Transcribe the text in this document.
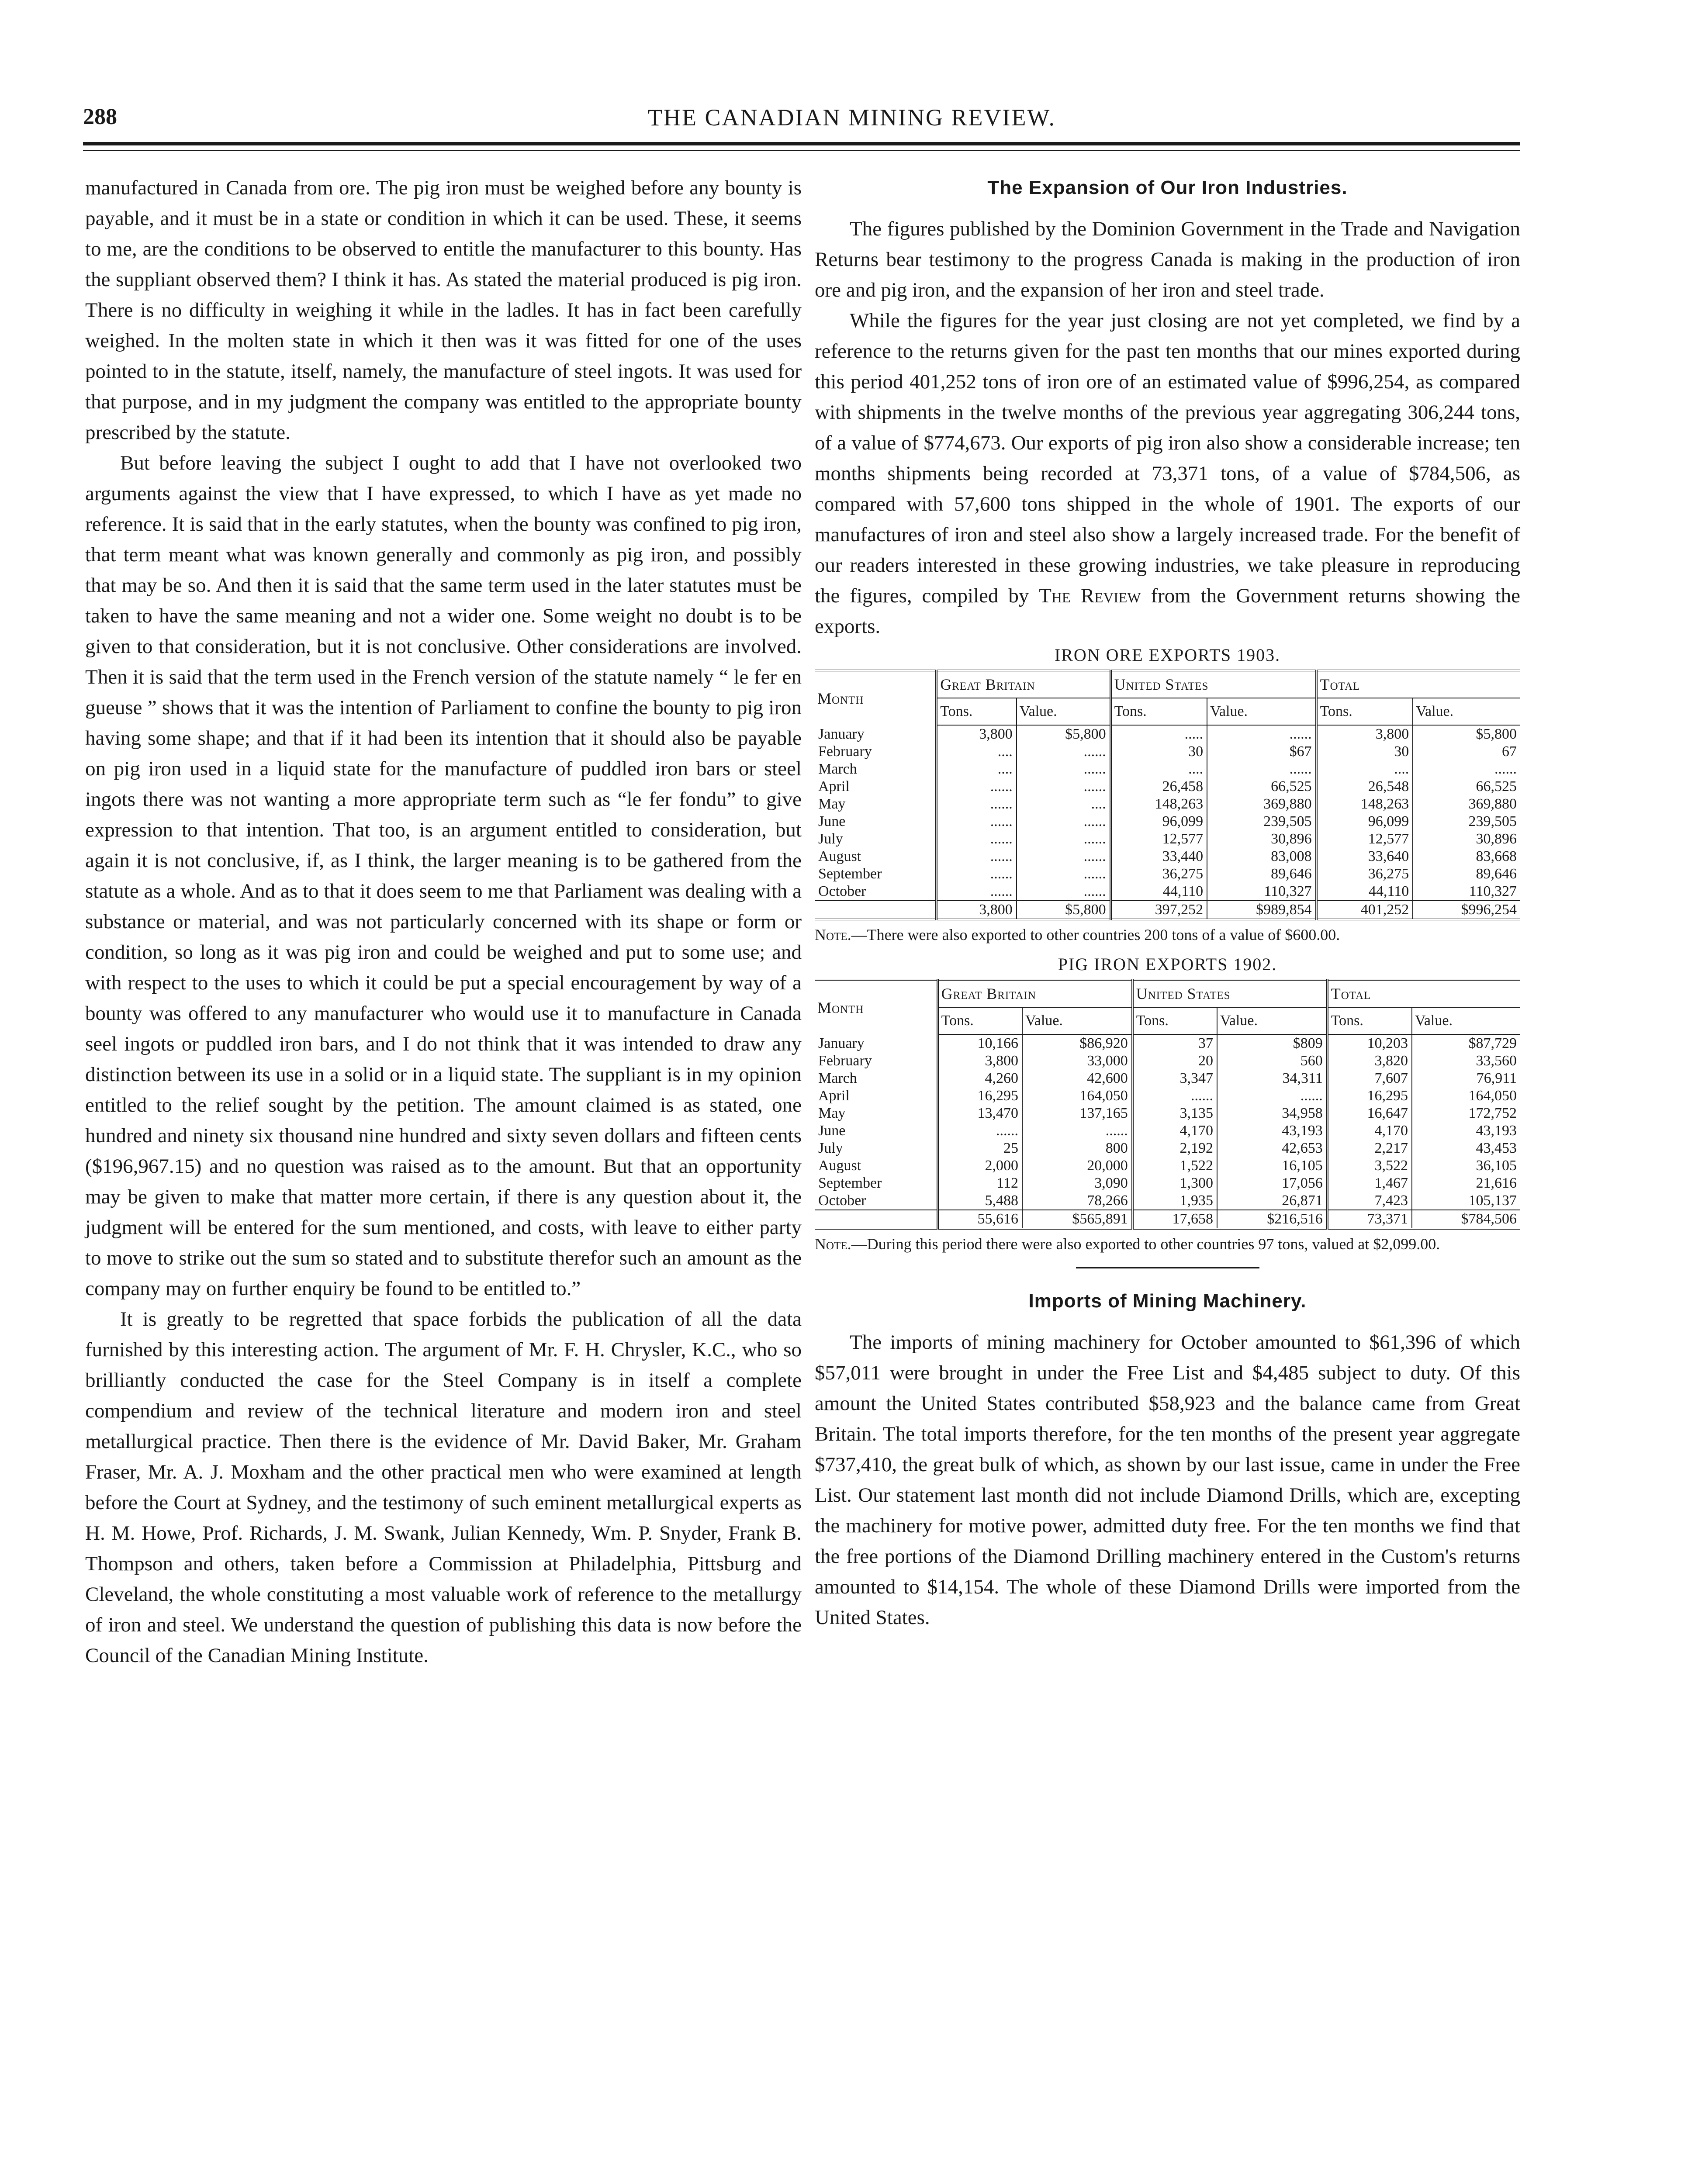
288	THE CANADIAN MINING REVIEW.

manufactured in Canada from ore. The pig iron must be weighed before any bounty is payable, and it must be in a state or condition in which it can be used. These, it seems to me, are the conditions to be observed to entitle the manufacturer to this bounty. Has the suppliant observed them? I think it has. As stated the material produced is pig iron. There is no difficulty in weighing it while in the ladles. It has in fact been carefully weighed. In the molten state in which it then was it was fitted for one of the uses pointed to in the statute, itself, namely, the manufacture of steel ingots. It was used for that purpose, and in my judgment the company was entitled to the appropriate bounty prescribed by the statute.

But before leaving the subject I ought to add that I have not overlooked two arguments against the view that I have expressed, to which I have as yet made no reference. It is said that in the early statutes, when the bounty was confined to pig iron, that term meant what was known generally and commonly as pig iron, and possibly that may be so. And then it is said that the same term used in the later statutes must be taken to have the same meaning and not a wider one. Some weight no doubt is to be given to that consideration, but it is not conclusive. Other considerations are involved. Then it is said that the term used in the French version of the statute namely “ le fer en gueuse ” shows that it was the intention of Parliament to confine the bounty to pig iron having some shape; and that if it had been its intention that it should also be payable on pig iron used in a liquid state for the manufacture of puddled iron bars or steel ingots there was not wanting a more appropriate term such as “le fer fondu” to give expression to that intention. That too, is an argument entitled to consideration, but again it is not conclusive, if, as I think, the larger meaning is to be gathered from the statute as a whole. And as to that it does seem to me that Parliament was dealing with a substance or material, and was not particularly concerned with its shape or form or condition, so long as it was pig iron and could be weighed and put to some use; and with respect to the uses to which it could be put a special encouragement by way of a bounty was offered to any manufacturer who would use it to manufacture in Canada seel ingots or puddled iron bars, and I do not think that it was intended to draw any distinction between its use in a solid or in a liquid state. The suppliant is in my opinion entitled to the relief sought by the petition. The amount claimed is as stated, one hundred and ninety six thousand nine hundred and sixty seven dollars and fifteen cents ($196,967.15) and no question was raised as to the amount. But that an opportunity may be given to make that matter more certain, if there is any question about it, the judgment will be entered for the sum mentioned, and costs, with leave to either party to move to strike out the sum so stated and to substitute therefor such an amount as the company may on further enquiry be found to be entitled to.”

It is greatly to be regretted that space forbids the publication of all the data furnished by this interesting action. The argument of Mr. F. H. Chrysler, K.C., who so brilliantly conducted the case for the Steel Company is in itself a complete compendium and review of the technical literature and modern iron and steel metallurgical practice. Then there is the evidence of Mr. David Baker, Mr. Graham Fraser, Mr. A. J. Moxham and the other practical men who were examined at length before the Court at Sydney, and the testimony of such eminent metallurgical experts as H. M. Howe, Prof. Richards, J. M. Swank, Julian Kennedy, Wm. P. Snyder, Frank B. Thompson and others, taken before a Commission at Philadelphia, Pittsburg and Cleveland, the whole constituting a most valuable work of reference to the metallurgy of iron and steel. We understand the question of publishing this data is now before the Council of the Canadian Mining Institute.

The Expansion of Our Iron Industries.

The figures published by the Dominion Government in the Trade and Navigation Returns bear testimony to the progress Canada is making in the production of iron ore and pig iron, and the expansion of her iron and steel trade.

While the figures for the year just closing are not yet completed, we find by a reference to the returns given for the past ten months that our mines exported during this period 401,252 tons of iron ore of an estimated value of $996,254, as compared with shipments in the twelve months of the previous year aggregating 306,244 tons, of a value of $774,673. Our exports of pig iron also show a considerable increase; ten months shipments being recorded at 73,371 tons, of a value of $784,506, as compared with 57,600 tons shipped in the whole of 1901. The exports of our manufactures of iron and steel also show a largely increased trade. For the benefit of our readers interested in these growing industries, we take pleasure in reproducing the figures, compiled by The Review from the Government returns showing the exports.

IRON ORE EXPORTS 1903.
Month	Great Britain		United States		Total	
	Tons.	Value.	Tons.	Value.	Tons.	Value.
January	3,800	$5,800	.....	......	3,800	$5,800
February	....	......	30	$67	30	67
March	....	......	....	......	....	......
April	......	......	26,458	66,525	26,548	66,525
May	......	....	148,263	369,880	148,263	369,880
June	......	......	96,099	239,505	96,099	239,505
July	......	......	12,577	30,896	12,577	30,896
August	......	......	33,440	83,008	33,640	83,668
September	......	......	36,275	89,646	36,275	89,646
October	......	......	44,110	110,327	44,110	110,327
	3,800	$5,800	397,252	$989,854	401,252	$996,254
Note.—There were also exported to other countries 200 tons of a value of $600.00.
PIG IRON EXPORTS 1902.
Month	Great Britain		United States		Total	
	Tons.	Value.	Tons.	Value.	Tons.	Value.
January	10,166	$86,920	37	$809	10,203	$87,729
February	3,800	33,000	20	560	3,820	33,560
March	4,260	42,600	3,347	34,311	7,607	76,911
April	16,295	164,050	......	......	16,295	164,050
May	13,470	137,165	3,135	34,958	16,647	172,752
June	......	......	4,170	43,193	4,170	43,193
July	25	800	2,192	42,653	2,217	43,453
August	2,000	20,000	1,522	16,105	3,522	36,105
September	112	3,090	1,300	17,056	1,467	21,616
October	5,488	78,266	1,935	26,871	7,423	105,137
	55,616	$565,891	17,658	$216,516	73,371	$784,506
Note.—During this period there were also exported to other countries 97 tons, valued at $2,099.00.
Imports of Mining Machinery.

The imports of mining machinery for October amounted to $61,396 of which $57,011 were brought in under the Free List and $4,485 subject to duty. Of this amount the United States contributed $58,923 and the balance came from Great Britain. The total imports therefore, for the ten months of the present year aggregate $737,410, the great bulk of which, as shown by our last issue, came in under the Free List. Our statement last month did not include Diamond Drills, which are, excepting the machinery for motive power, admitted duty free. For the ten months we find that the free portions of the Diamond Drilling machinery entered in the Custom's returns amounted to $14,154. The whole of these Diamond Drills were imported from the United States.
